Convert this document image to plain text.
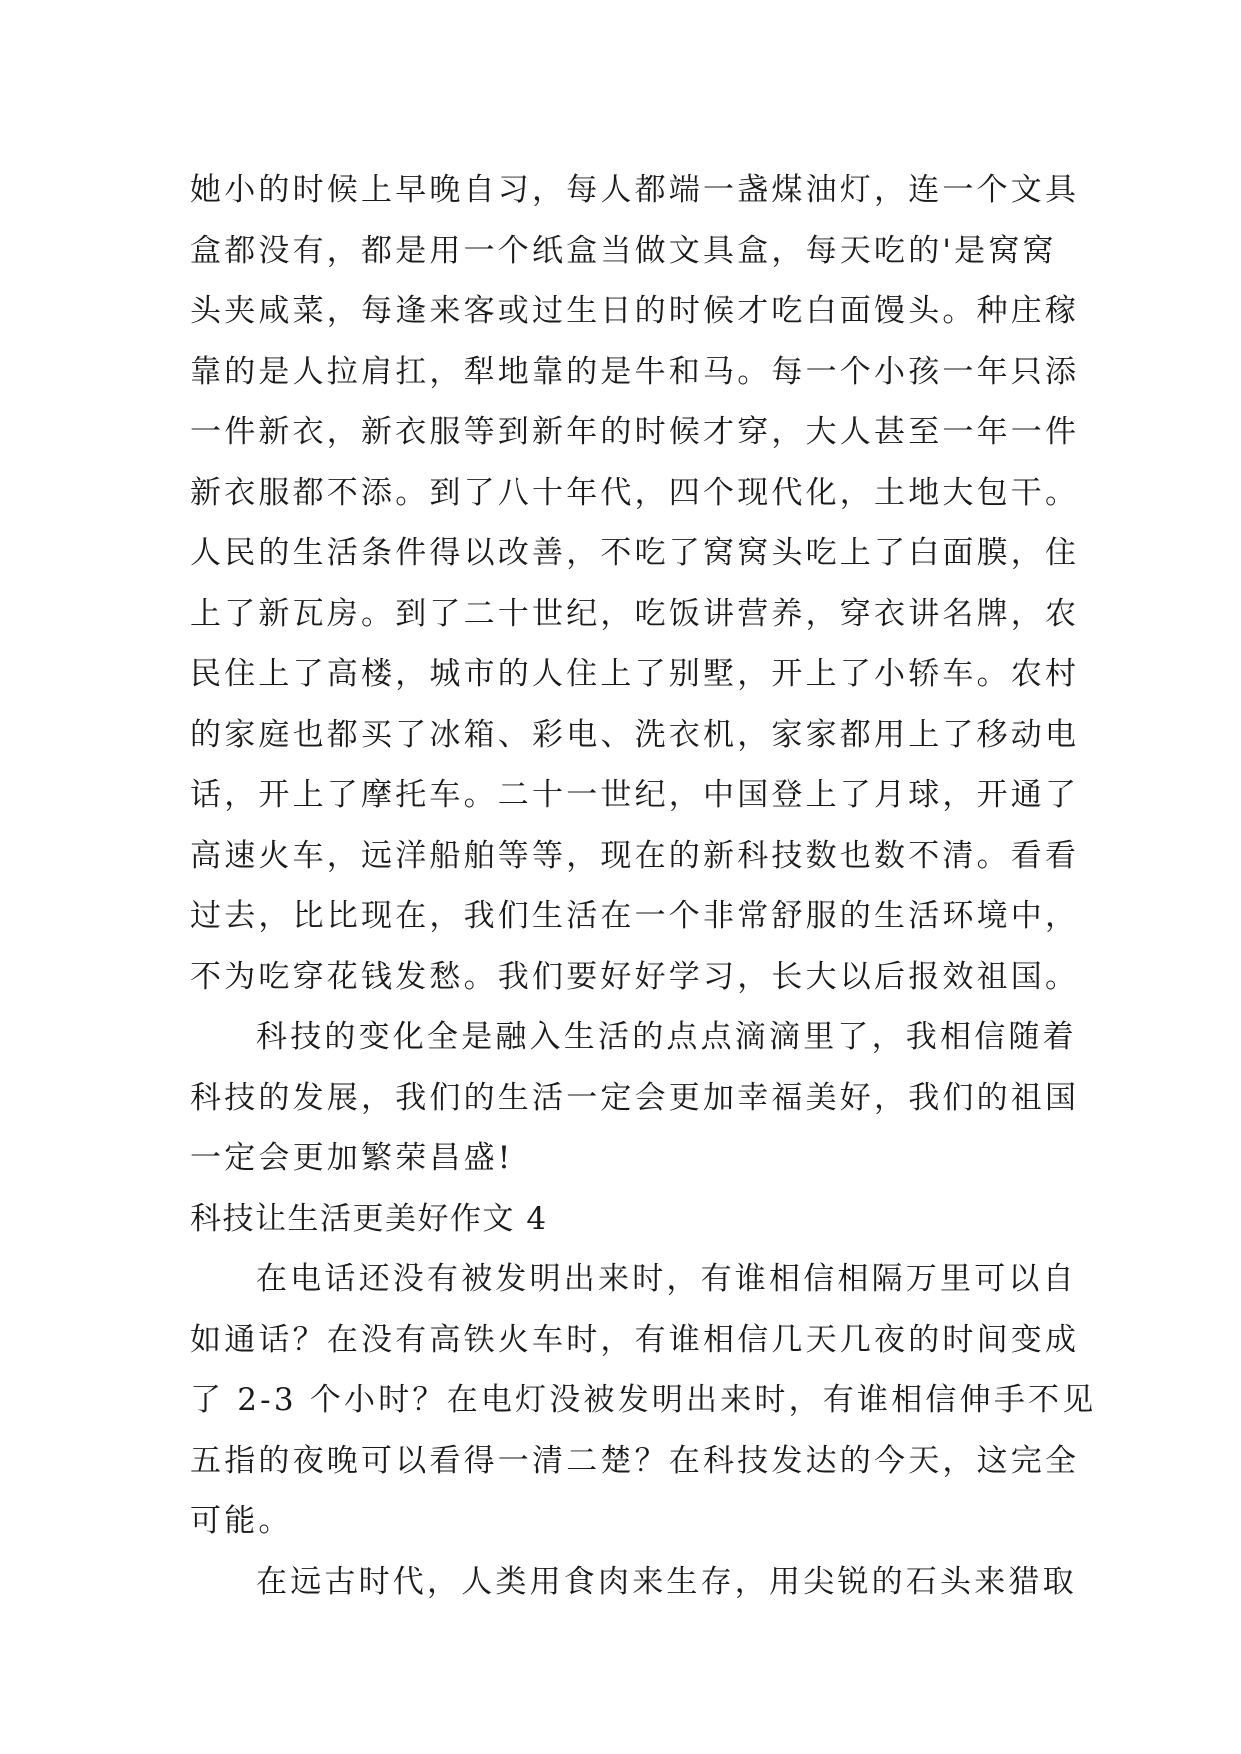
她小的时候上早晚自习，每人都端一盏煤油灯，连一个文具
盒都没有，都是用一个纸盒当做文具盒，每天吃的'是窝窝
头夹咸菜，每逢来客或过生日的时候才吃白面馒头。种庄稼
靠的是人拉肩扛，犁地靠的是牛和马。每一个小孩一年只添
一件新衣，新衣服等到新年的时候才穿，大人甚至一年一件
新衣服都不添。到了八十年代，四个现代化，土地大包干。
人民的生活条件得以改善，不吃了窝窝头吃上了白面膜，住
上了新瓦房。到了二十世纪，吃饭讲营养，穿衣讲名牌，农
民住上了高楼，城市的人住上了别墅，开上了小轿车。农村
的家庭也都买了冰箱、彩电、洗衣机，家家都用上了移动电
话，开上了摩托车。二十一世纪，中国登上了月球，开通了
高速火车，远洋船舶等等，现在的新科技数也数不清。看看
过去，比比现在，我们生活在一个非常舒服的生活环境中，
不为吃穿花钱发愁。我们要好好学习，长大以后报效祖国。
科技的变化全是融入生活的点点滴滴里了，我相信随着
科技的发展，我们的生活一定会更加幸福美好，我们的祖国
一定会更加繁荣昌盛!
科技让生活更美好作文 4
在电话还没有被发明出来时，有谁相信相隔万里可以自
如通话？在没有高铁火车时，有谁相信几天几夜的时间变成
了 2-3 个小时？在电灯没被发明出来时，有谁相信伸手不见
五指的夜晚可以看得一清二楚？在科技发达的今天，这完全
可能。
在远古时代，人类用食肉来生存，用尖锐的石头来猎取
